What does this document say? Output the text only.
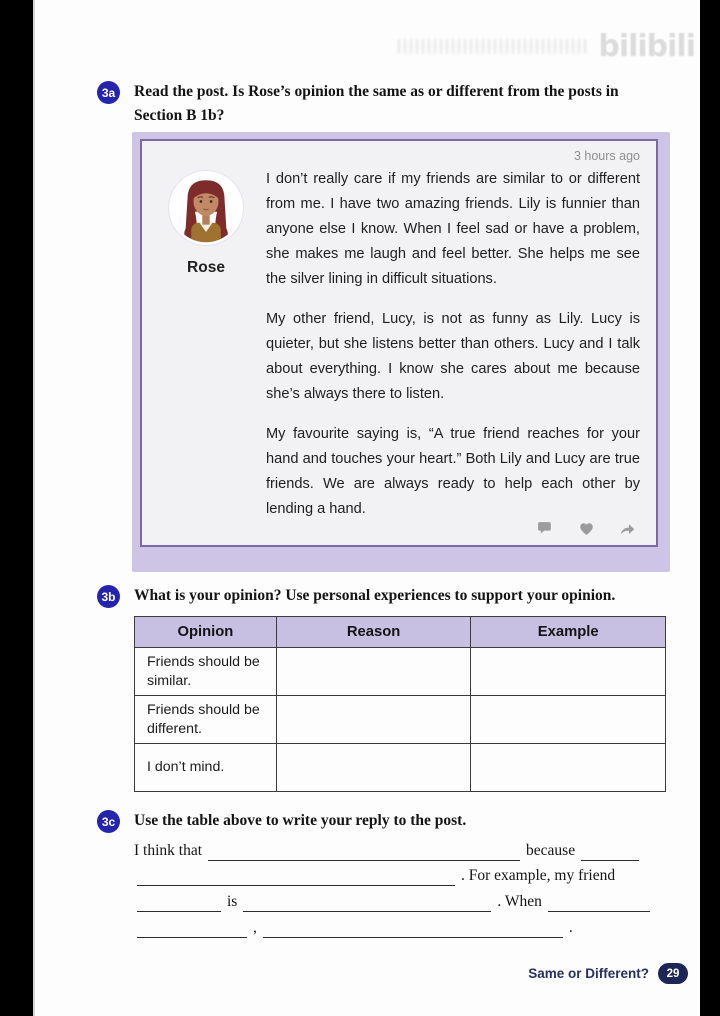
bilibili
3a	Read the post. Is Rose’s opinion the same as or different from the posts in Section B 1b?
3 hours ago
Rose

I don’t really care if my friends are similar to or different from me. I have two amazing friends. Lily is funnier than anyone else I know. When I feel sad or have a problem, she makes me laugh and feel better. She helps me see the silver lining in difficult situations.

My other friend, Lucy, is not as funny as Lily. Lucy is quieter, but she listens better than others. Lucy and I talk about everything. I know she cares about me because she’s always there to listen.

My favourite saying is, “A true friend reaches for your hand and touches your heart.” Both Lily and Lucy are true friends. We are always ready to help each other by lending a hand.

3b What is your opinion? Use personal experiences to support your opinion.
Opinion	Reason	Example
Friends should be similar.		
Friends should be different.		
I don’t mind.		
3c	Use the table above to write your reply to the post.
I think that	because
. For example, my friend
is	. When
,	.
Same or Different?	29
